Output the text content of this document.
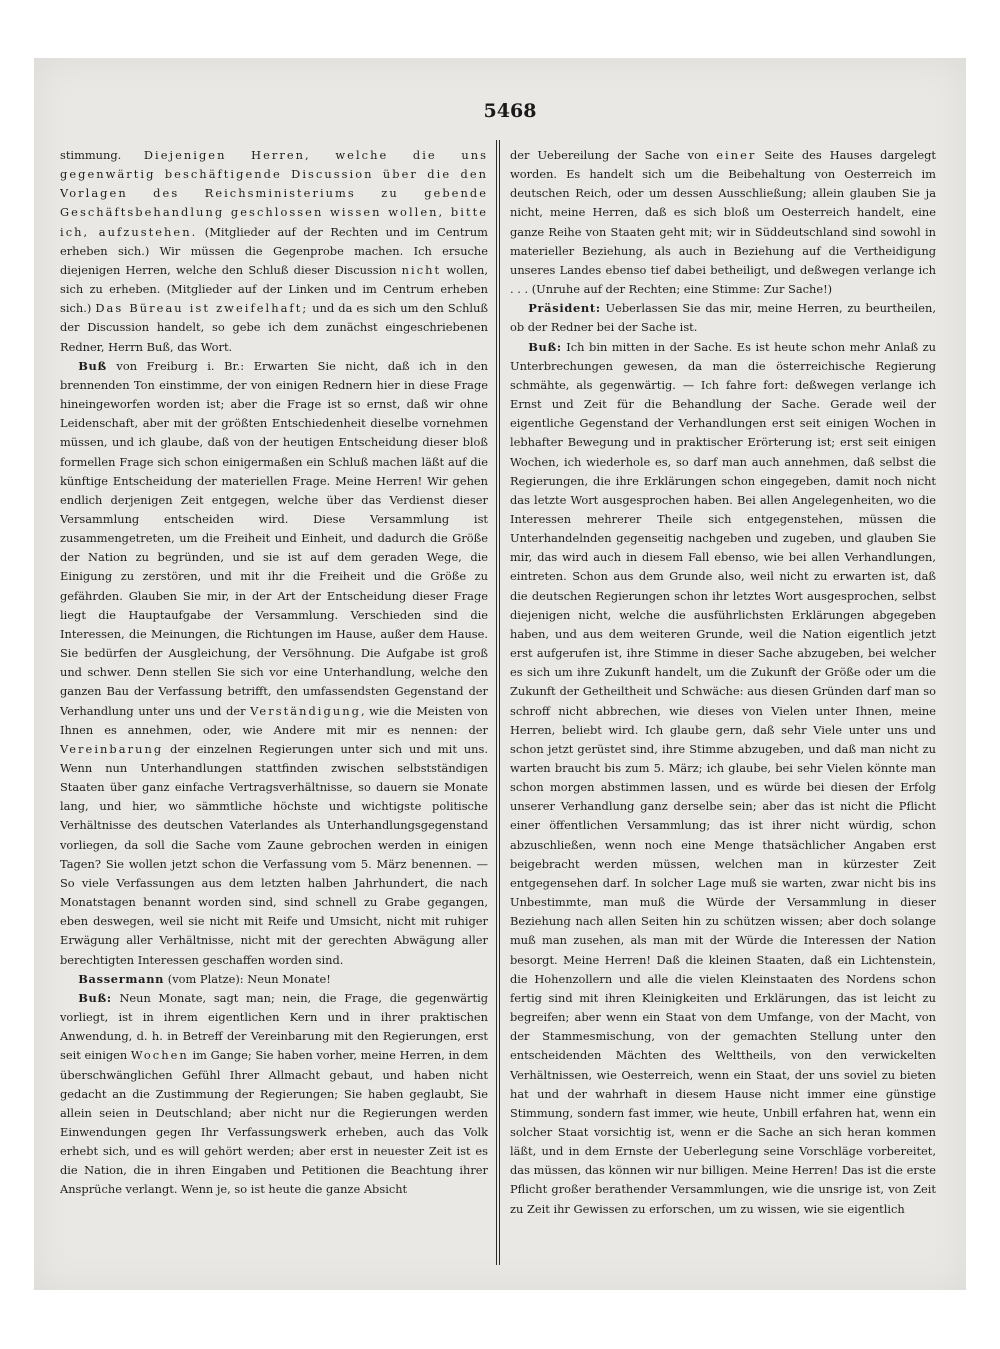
5468

stimmung. Diejenigen Herren, welche die uns gegenwärtig beschäftigende Discussion über die den Vorlagen des Reichsministeriums zu gebende Geschäftsbehandlung geschlossen wissen wollen, bitte ich, aufzustehen. (Mitglieder auf der Rechten und im Centrum erheben sich.) Wir müssen die Gegenprobe machen. Ich ersuche diejenigen Herren, welche den Schluß dieser Discussion nicht wollen, sich zu erheben. (Mitglieder auf der Linken und im Centrum erheben sich.) Das Büreau ist zweifelhaft; und da es sich um den Schluß der Discussion handelt, so gebe ich dem zunächst eingeschriebenen Redner, Herrn Buß, das Wort.

Buß von Freiburg i. Br.: Erwarten Sie nicht, daß ich in den brennenden Ton einstimme, der von einigen Rednern hier in diese Frage hineingeworfen worden ist; aber die Frage ist so ernst, daß wir ohne Leidenschaft, aber mit der größten Entschiedenheit dieselbe vornehmen müssen, und ich glaube, daß von der heutigen Entscheidung dieser bloß formellen Frage sich schon einigermaßen ein Schluß machen läßt auf die künftige Entscheidung der materiellen Frage. Meine Herren! Wir gehen endlich derjenigen Zeit entgegen, welche über das Verdienst dieser Versammlung entscheiden wird. Diese Versammlung ist zusammengetreten, um die Freiheit und Einheit, und dadurch die Größe der Nation zu begründen, und sie ist auf dem geraden Wege, die Einigung zu zerstören, und mit ihr die Freiheit und die Größe zu gefährden. Glauben Sie mir, in der Art der Entscheidung dieser Frage liegt die Hauptaufgabe der Versammlung. Verschieden sind die Interessen, die Meinungen, die Richtungen im Hause, außer dem Hause. Sie bedürfen der Ausgleichung, der Versöhnung. Die Aufgabe ist groß und schwer. Denn stellen Sie sich vor eine Unterhandlung, welche den ganzen Bau der Verfassung betrifft, den umfassendsten Gegenstand der Verhandlung unter uns und der Verständigung, wie die Meisten von Ihnen es annehmen, oder, wie Andere mit mir es nennen: der Vereinbarung der einzelnen Regierungen unter sich und mit uns. Wenn nun Unterhandlungen stattfinden zwischen selbstständigen Staaten über ganz einfache Vertragsverhältnisse, so dauern sie Monate lang, und hier, wo sämmtliche höchste und wichtigste politische Verhältnisse des deutschen Vaterlandes als Unterhandlungsgegenstand vorliegen, da soll die Sache vom Zaune gebrochen werden in einigen Tagen? Sie wollen jetzt schon die Verfassung vom 5. März benennen. — So viele Verfassungen aus dem letzten halben Jahrhundert, die nach Monatstagen benannt worden sind, sind schnell zu Grabe gegangen, eben deswegen, weil sie nicht mit Reife und Umsicht, nicht mit ruhiger Erwägung aller Verhältnisse, nicht mit der gerechten Abwägung aller berechtigten Interessen geschaffen worden sind.

Bassermann (vom Platze): Neun Monate!

Buß: Neun Monate, sagt man; nein, die Frage, die gegenwärtig vorliegt, ist in ihrem eigentlichen Kern und in ihrer praktischen Anwendung, d. h. in Betreff der Vereinbarung mit den Regierungen, erst seit einigen Wochen im Gange; Sie haben vorher, meine Herren, in dem überschwänglichen Gefühl Ihrer Allmacht gebaut, und haben nicht gedacht an die Zustimmung der Regierungen; Sie haben geglaubt, Sie allein seien in Deutschland; aber nicht nur die Regierungen werden Einwendungen gegen Ihr Verfassungswerk erheben, auch das Volk erhebt sich, und es will gehört werden; aber erst in neuester Zeit ist es die Nation, die in ihren Eingaben und Petitionen die Beachtung ihrer Ansprüche verlangt. Wenn je, so ist heute die ganze Absicht

der Uebereilung der Sache von einer Seite des Hauses dargelegt worden. Es handelt sich um die Beibehaltung von Oesterreich im deutschen Reich, oder um dessen Ausschließung; allein glauben Sie ja nicht, meine Herren, daß es sich bloß um Oesterreich handelt, eine ganze Reihe von Staaten geht mit; wir in Süddeutschland sind sowohl in materieller Beziehung, als auch in Beziehung auf die Vertheidigung unseres Landes ebenso tief dabei betheiligt, und deßwegen verlange ich . . . (Unruhe auf der Rechten; eine Stimme: Zur Sache!)

Präsident: Ueberlassen Sie das mir, meine Herren, zu beurtheilen, ob der Redner bei der Sache ist.

Buß: Ich bin mitten in der Sache. Es ist heute schon mehr Anlaß zu Unterbrechungen gewesen, da man die österreichische Regierung schmähte, als gegenwärtig. — Ich fahre fort: deßwegen verlange ich Ernst und Zeit für die Behandlung der Sache. Gerade weil der eigentliche Gegenstand der Verhandlungen erst seit einigen Wochen in lebhafter Bewegung und in praktischer Erörterung ist; erst seit einigen Wochen, ich wiederhole es, so darf man auch annehmen, daß selbst die Regierungen, die ihre Erklärungen schon eingegeben, damit noch nicht das letzte Wort ausgesprochen haben. Bei allen Angelegenheiten, wo die Interessen mehrerer Theile sich entgegenstehen, müssen die Unterhandelnden gegenseitig nachgeben und zugeben, und glauben Sie mir, das wird auch in diesem Fall ebenso, wie bei allen Verhandlungen, eintreten. Schon aus dem Grunde also, weil nicht zu erwarten ist, daß die deutschen Regierungen schon ihr letztes Wort ausgesprochen, selbst diejenigen nicht, welche die ausführlichsten Erklärungen abgegeben haben, und aus dem weiteren Grunde, weil die Nation eigentlich jetzt erst aufgerufen ist, ihre Stimme in dieser Sache abzugeben, bei welcher es sich um ihre Zukunft handelt, um die Zukunft der Größe oder um die Zukunft der Getheiltheit und Schwäche: aus diesen Gründen darf man so schroff nicht abbrechen, wie dieses von Vielen unter Ihnen, meine Herren, beliebt wird. Ich glaube gern, daß sehr Viele unter uns und schon jetzt gerüstet sind, ihre Stimme abzugeben, und daß man nicht zu warten braucht bis zum 5. März; ich glaube, bei sehr Vielen könnte man schon morgen abstimmen lassen, und es würde bei diesen der Erfolg unserer Verhandlung ganz derselbe sein; aber das ist nicht die Pflicht einer öffentlichen Versammlung; das ist ihrer nicht würdig, schon abzuschließen, wenn noch eine Menge thatsächlicher Angaben erst beigebracht werden müssen, welchen man in kürzester Zeit entgegensehen darf. In solcher Lage muß sie warten, zwar nicht bis ins Unbestimmte, man muß die Würde der Versammlung in dieser Beziehung nach allen Seiten hin zu schützen wissen; aber doch solange muß man zusehen, als man mit der Würde die Interessen der Nation besorgt. Meine Herren! Daß die kleinen Staaten, daß ein Lichtenstein, die Hohenzollern und alle die vielen Kleinstaaten des Nordens schon fertig sind mit ihren Kleinigkeiten und Erklärungen, das ist leicht zu begreifen; aber wenn ein Staat von dem Umfange, von der Macht, von der Stammesmischung, von der gemachten Stellung unter den entscheidenden Mächten des Welttheils, von den verwickelten Verhältnissen, wie Oesterreich, wenn ein Staat, der uns soviel zu bieten hat und der wahrhaft in diesem Hause nicht immer eine günstige Stimmung, sondern fast immer, wie heute, Unbill erfahren hat, wenn ein solcher Staat vorsichtig ist, wenn er die Sache an sich heran kommen läßt, und in dem Ernste der Ueberlegung seine Vorschläge vorbereitet, das müssen, das können wir nur billigen. Meine Herren! Das ist die erste Pflicht großer berathender Versammlungen, wie die unsrige ist, von Zeit zu Zeit ihr Gewissen zu erforschen, um zu wissen, wie sie eigentlich
